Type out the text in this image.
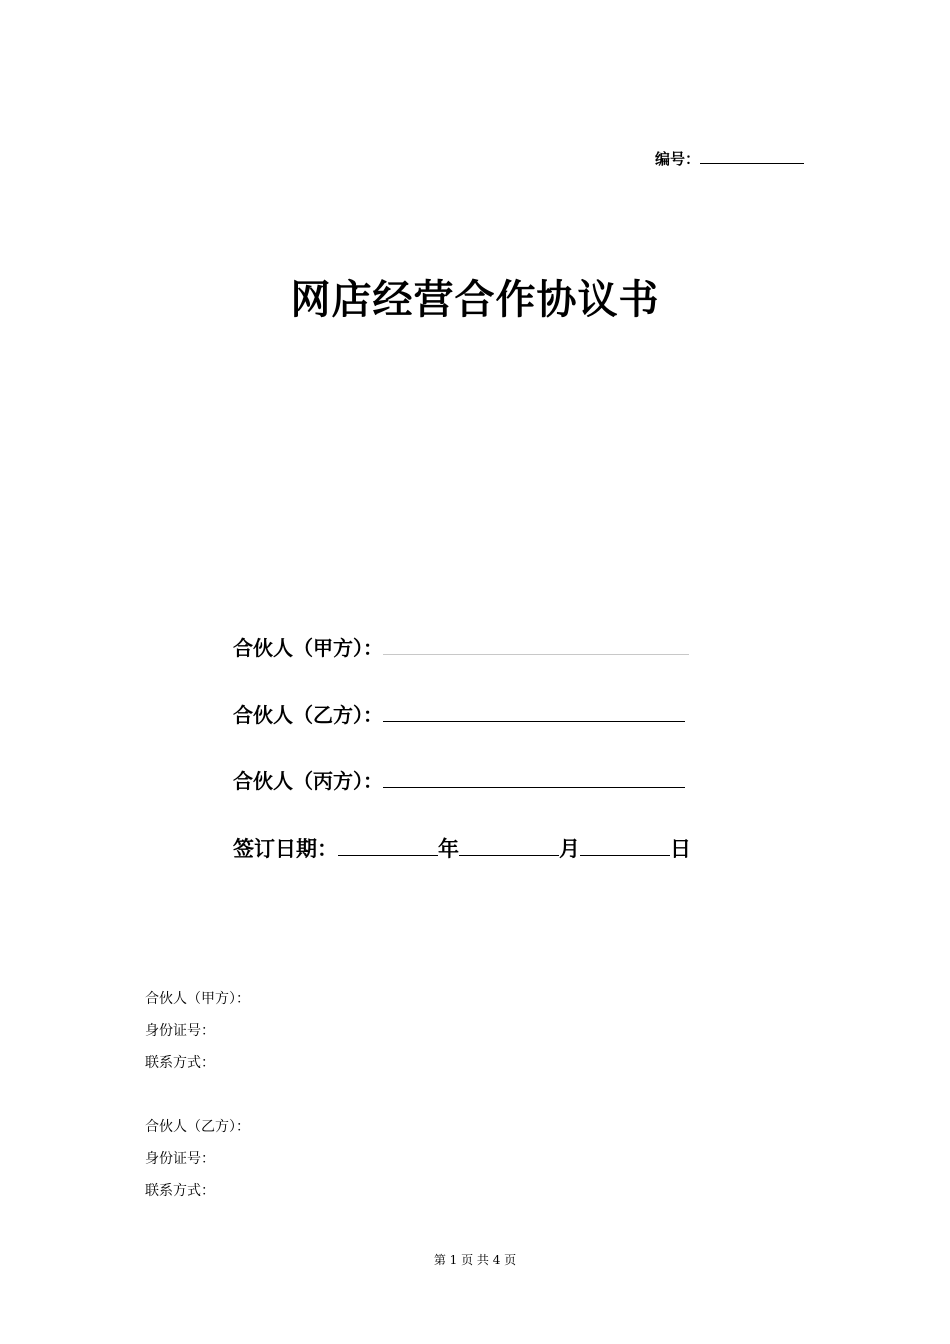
编号：
网店经营合作协议书
合伙人（甲方）：
合伙人（乙方）：
合伙人（丙方）：
签订日期：	年	月	日
合伙人（甲方）：
身份证号：
联系方式：
合伙人（乙方）：
身份证号：
联系方式：
第 1 页 共 4 页
